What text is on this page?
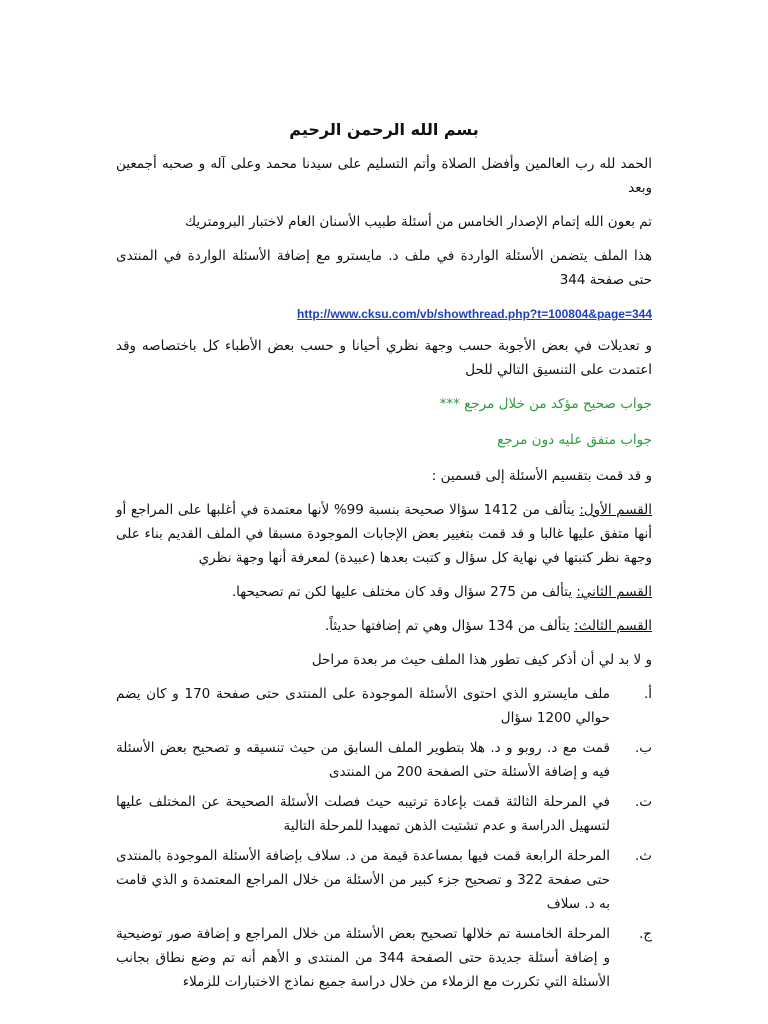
بسم الله الرحمن الرحيم

الحمد لله رب العالمين وأفضل الصلاة وأتم التسليم على سيدنا محمد وعلى آله و صحبه أجمعين وبعد

تم بعون الله إتمام الإصدار الخامس من أسئلة طبيب الأسنان العام لاختبار البرومتريك

هذا الملف يتضمن الأسئلة الواردة في ملف د. مايسترو مع إضافة الأسئلة الواردة في المنتدى حتى صفحة 344

http://www.cksu.com/vb/showthread.php?t=100804&page=344

و تعديلات في بعض الأجوبة حسب وجهة نظري أحيانا و حسب بعض الأطباء كل باختصاصه وقد اعتمدت على التنسيق التالي للحل

جواب صحيح مؤكد من خلال مرجع ***

جواب متفق عليه دون مرجع

و قد قمت بتقسيم الأسئلة إلى قسمين :

القسم الأول: يتألف من 1412 سؤالا صحيحة بنسبة 99% لأنها معتمدة في أغلبها على المراجع أو أنها متفق عليها غالبا و قد قمت بتغيير بعض الإجابات الموجودة مسبقا في الملف القديم بناء على وجهة نظر كتبتها في نهاية كل سؤال و كتبت بعدها (عبيدة) لمعرفة أنها وجهة نظري

القسم الثاني: يتألف من 275 سؤال وقد كان مختلف عليها لكن تم تصحيحها.

القسم الثالث: يتألف من 134 سؤال وهي تم إضافتها حديثاً.

و لا بد لي أن أذكر كيف تطور هذا الملف حيث مر بعدة مراحل

أ.
ملف مايسترو الذي احتوى الأسئلة الموجودة على المنتدى حتى صفحة 170 و كان يضم حوالي 1200 سؤال
ب.
قمت مع د. روبو و د. هلا بتطوير الملف السابق من حيث تنسيقه و تصحيح بعض الأسئلة فيه و إضافة الأسئلة حتى الصفحة 200 من المنتدى
ت.
في المرحلة الثالثة قمت بإعادة ترتيبه حيث فصلت الأسئلة الصحيحة عن المختلف عليها لتسهيل الدراسة و عدم تشتيت الذهن تمهيدا للمرحلة التالية
ث.
المرحلة الرابعة قمت فيها بمساعدة قيمة من د. سلاف بإضافة الأسئلة الموجودة بالمنتدى حتى صفحة 322 و تصحيح جزء كبير من الأسئلة من خلال المراجع المعتمدة و الذي قامت به د. سلاف
ج.
المرحلة الخامسة تم خلالها تصحيح بعض الأسئلة من خلال المراجع و إضافة صور توضيحية و إضافة أسئلة جديدة حتى الصفحة 344 من المنتدى و الأهم أنه تم وضع نطاق بجانب الأسئلة التي تكررت مع الزملاء من خلال دراسة جميع نماذج الاختبارات للزملاء
